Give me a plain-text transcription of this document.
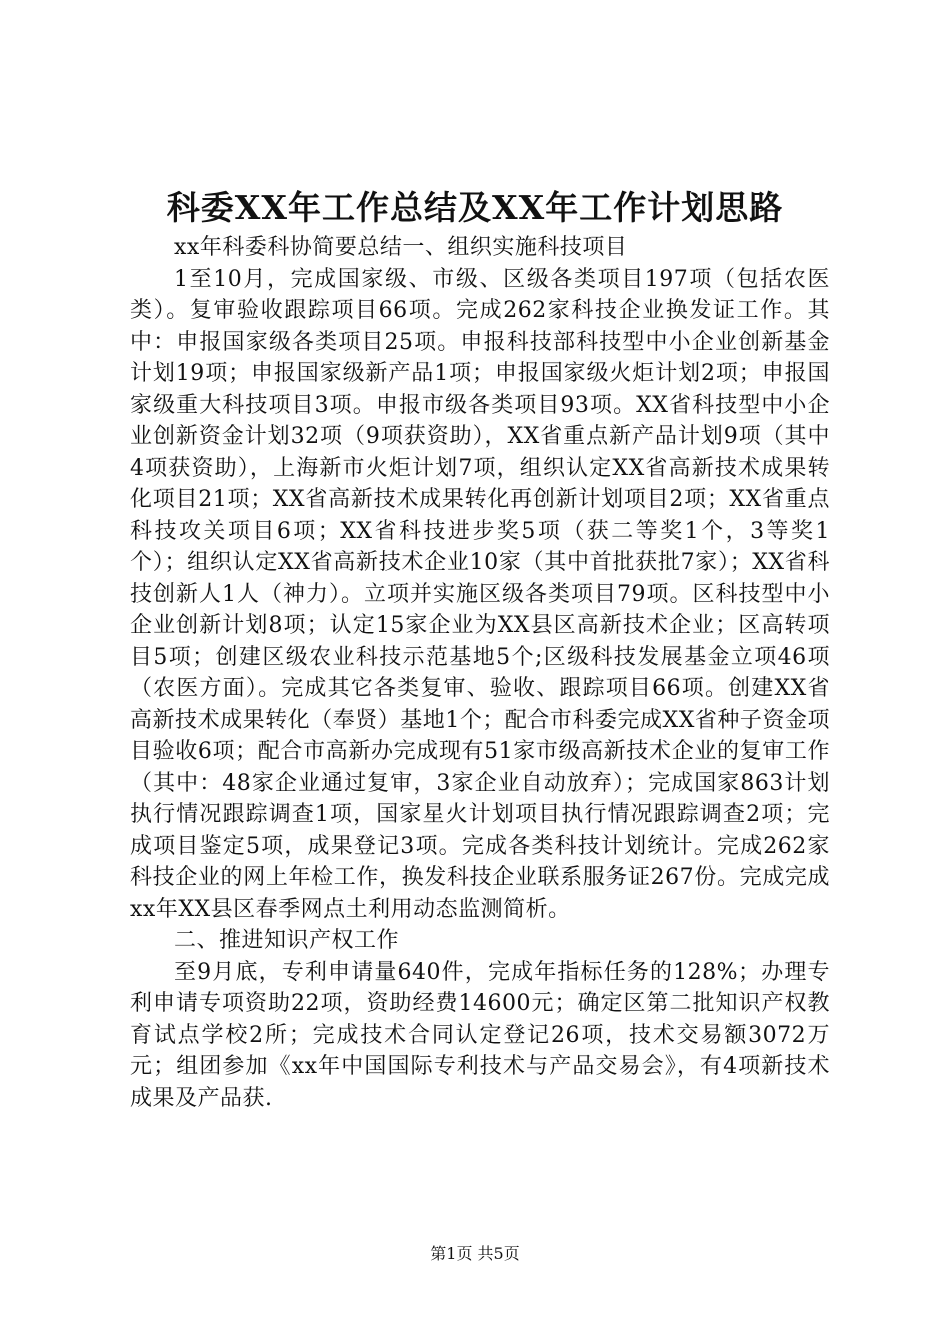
科委XX年工作总结及XX年工作计划思路

xx年科委科协简要总结一、组织实施科技项目

1至10月，完成国家级、市级、区级各类项目197项（包括农医类）。复审验收跟踪项目66项。完成262家科技企业换发证工作。其中：申报国家级各类项目25项。申报科技部科技型中小企业创新基金计划19项；申报国家级新产品1项；申报国家级火炬计划2项；申报国家级重大科技项目3项。申报市级各类项目93项。XX省科技型中小企业创新资金计划32项（9项获资助），XX省重点新产品计划9项（其中4项获资助），上海新市火炬计划7项，组织认定XX省高新技术成果转化项目21项；XX省高新技术成果转化再创新计划项目2项；XX省重点科技攻关项目6项；XX省科技进步奖5项（获二等奖1个，3等奖1个）；组织认定XX省高新技术企业10家（其中首批获批7家）；XX省科技创新人1人（神力）。立项并实施区级各类项目79项。区科技型中小企业创新计划8项；认定15家企业为XX县区高新技术企业；区高转项目5项；创建区级农业科技示范基地5个;区级科技发展基金立项46项（农医方面）。完成其它各类复审、验收、跟踪项目66项。创建XX省高新技术成果转化（奉贤）基地1个；配合市科委完成XX省种子资金项目验收6项；配合市高新办完成现有51家市级高新技术企业的复审工作（其中：48家企业通过复审，3家企业自动放弃）；完成国家863计划执行情况跟踪调查1项，国家星火计划项目执行情况跟踪调查2项；完成项目鉴定5项，成果登记3项。完成各类科技计划统计。完成262家科技企业的网上年检工作，换发科技企业联系服务证267份。完成完成xx年XX县区春季网点土利用动态监测简析。

二、推进知识产权工作

至9月底，专利申请量640件，完成年指标任务的128%；办理专利申请专项资助22项，资助经费14600元；确定区第二批知识产权教育试点学校2所；完成技术合同认定登记26项，技术交易额3072万元；组团参加《xx年中国国际专利技术与产品交易会》，有4项新技术成果及产品获.

第1页 共5页
